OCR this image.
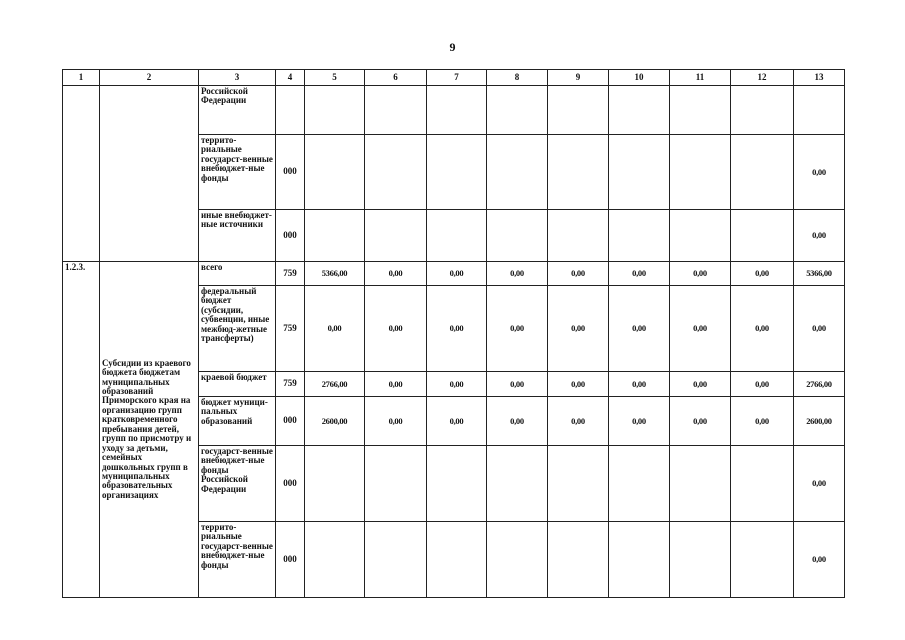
9
1	2	3	4	5	6	7	8	9	10	11	12	13
		Российской Федерации										
		террито-риальные государст-венные внебюджет-ные фонды	000									0,00
		иные внебюджет-ные источники	000									0,00
1.2.3.	Субсидии из краевого бюджета бюджетам муниципальных образований Приморского края на организацию групп кратковременного пребывания детей, групп по присмотру и уходу за детьми, семейных дошкольных групп в муниципальных образовательных организациях	всего	759	5366,00	0,00	0,00	0,00	0,00	0,00	0,00	0,00	5366,00
		федеральный бюджет (субсидии, субвенции, иные межбюд-жетные трансферты)	759	0,00	0,00	0,00	0,00	0,00	0,00	0,00	0,00	0,00
		краевой бюджет	759	2766,00	0,00	0,00	0,00	0,00	0,00	0,00	0,00	2766,00
		бюджет муници-пальных образований	000	2600,00	0,00	0,00	0,00	0,00	0,00	0,00	0,00	2600,00
		государст-венные внебюджет-ные фонды Российской Федерации	000									0,00
		террито-риальные государст-венные внебюджет-ные фонды	000									0,00
